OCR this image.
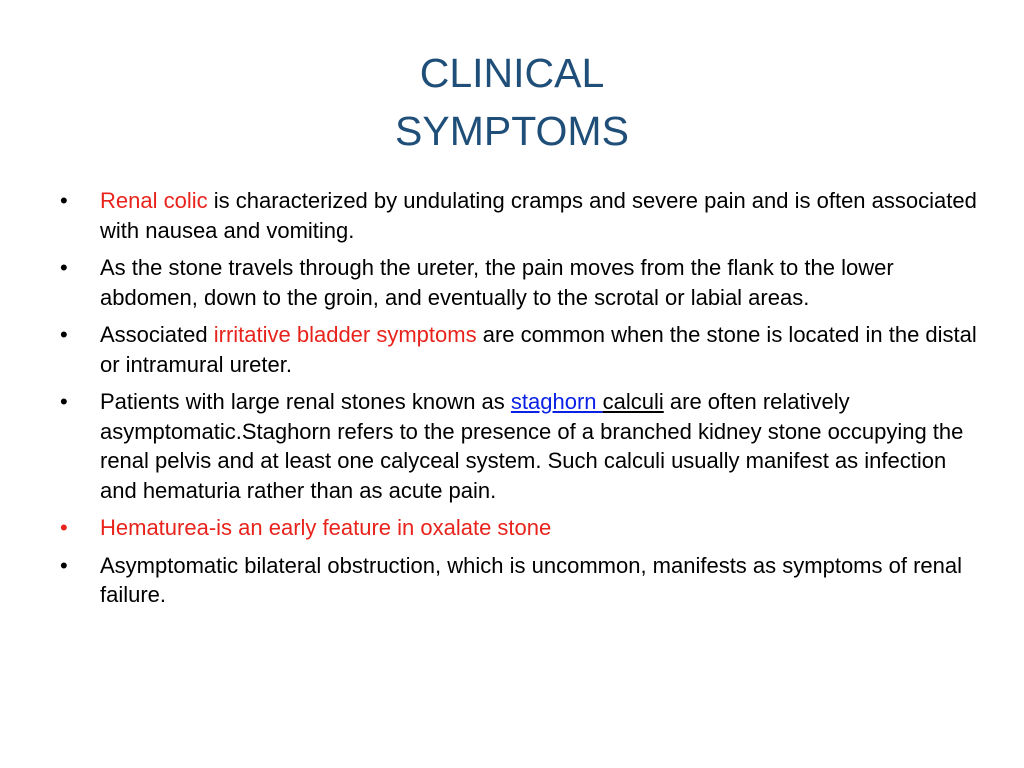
CLINICAL
SYMPTOMS
• Renal colic is characterized by undulating cramps and severe pain and is often associated with nausea and vomiting.
• As the stone travels through the ureter, the pain moves from the flank to the lower abdomen, down to the groin, and eventually to the scrotal or labial areas.
• Associated irritative bladder symptoms are common when the stone is located in the distal or intramural ureter.
• Patients with large renal stones known as staghorn calculi are often relatively asymptomatic.Staghorn refers to the presence of a branched kidney stone occupying the renal pelvis and at least one calyceal system. Such calculi usually manifest as infection and hematuria rather than as acute pain.
• Hematurea-is an early feature in oxalate stone
• Asymptomatic bilateral obstruction, which is uncommon, manifests as symptoms of renal failure.
